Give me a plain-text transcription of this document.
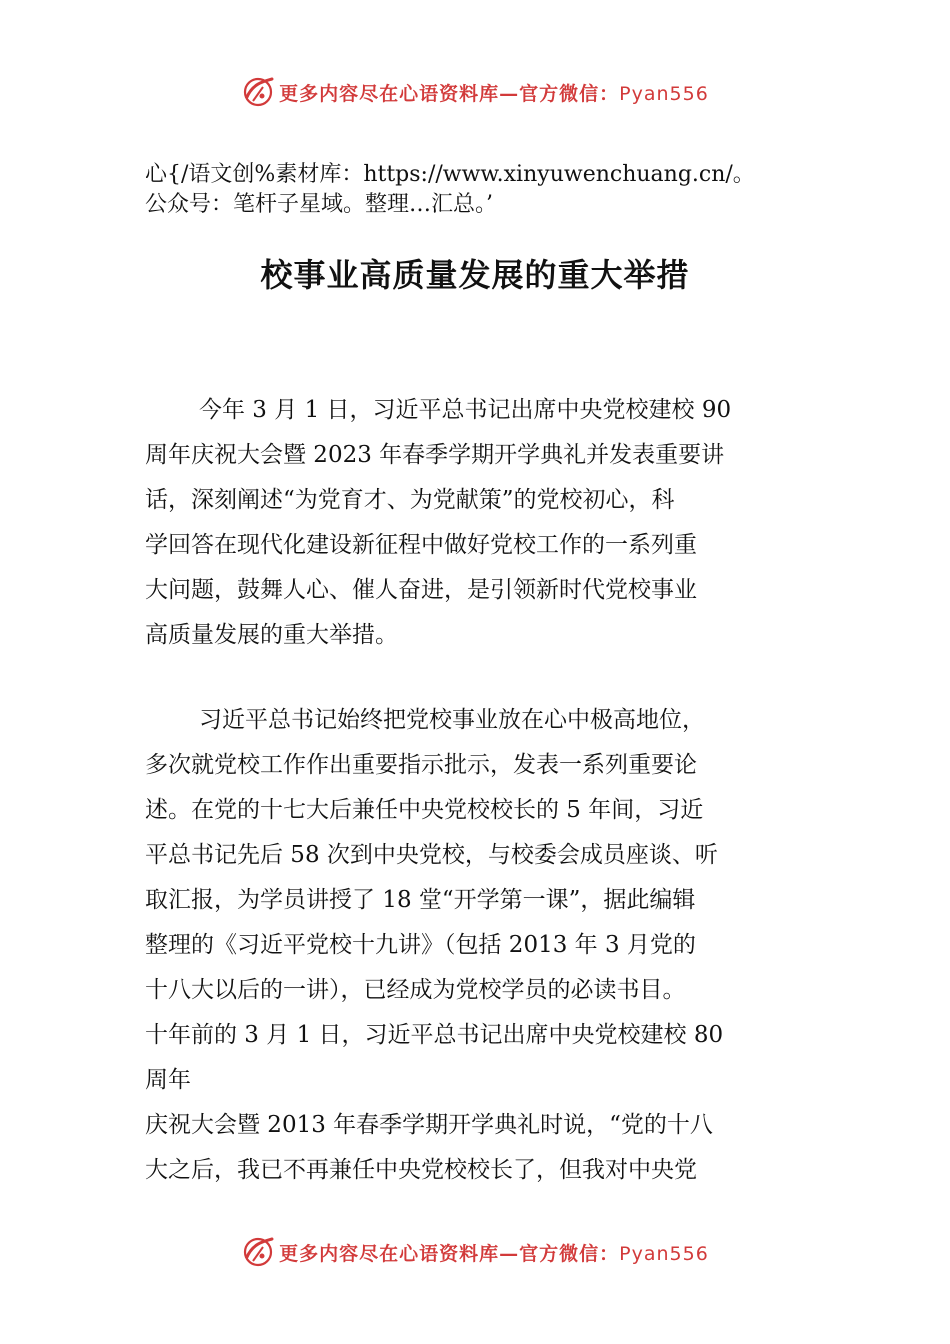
更多内容尽在心语资料库—官方微信：Pyan556
心{/语文创%素材库：https://www.xinyuwenchuang.cn/。
公众号：笔杆子星域。整理…汇总。’
校事业高质量发展的重大举措
今年 3 月 1 日，习近平总书记出席中央党校建校 90
周年庆祝大会暨 2023 年春季学期开学典礼并发表重要讲
话，深刻阐述“为党育才、为党献策”的党校初心，科
学回答在现代化建设新征程中做好党校工作的一系列重
大问题，鼓舞人心、催人奋进，是引领新时代党校事业
高质量发展的重大举措。
习近平总书记始终把党校事业放在心中极高地位，
多次就党校工作作出重要指示批示，发表一系列重要论
述。在党的十七大后兼任中央党校校长的 5 年间，习近
平总书记先后 58 次到中央党校，与校委会成员座谈、听
取汇报，为学员讲授了 18 堂“开学第一课”，据此编辑
整理的《习近平党校十九讲》（包括 2013 年 3 月党的
十八大以后的一讲），已经成为党校学员的必读书目。
十年前的 3 月 1 日，习近平总书记出席中央党校建校 80
周年
庆祝大会暨 2013 年春季学期开学典礼时说，“党的十八
大之后，我已不再兼任中央党校校长了，但我对中央党
更多内容尽在心语资料库—官方微信：Pyan556
